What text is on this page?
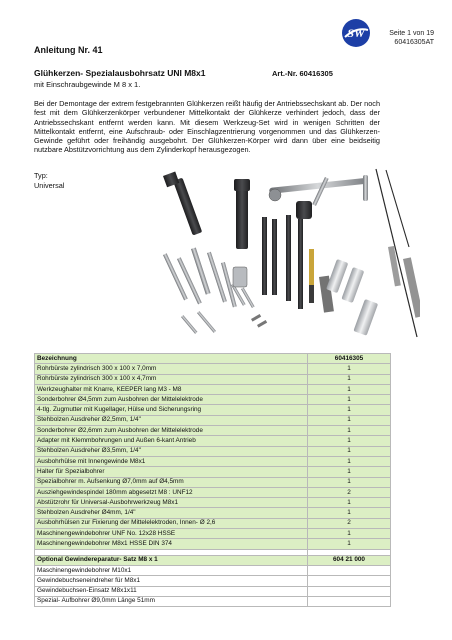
SW	Seite 1 von 19
60416305AT
Anleitung Nr. 41
Glühkerzen- Spezialausbohrsatz UNI M8x1	Art.-Nr. 60416305
mit Einschraubgewinde M 8 x 1.
Bei der Demontage der extrem festgebrannten Glühkerzen reißt häufig der Antriebssechskant ab. Der noch fest mit dem Glühkerzenkörper verbundener Mittelkontakt der Glühkerze verhindert jedoch, dass der Antriebssechskant entfernt werden kann. Mit diesem Werkzeug-Set wird in wenigen Schritten der Mittelkontakt entfernt, eine Aufschraub- oder Einschlagzentrierung vorgenommen und das Glühkerzen-Gewinde geführt oder freihändig ausgebohrt. Der Glühkerzen-Körper wird dann über eine beidseitig nutzbare Abstützvorrichtung aus dem Zylinderkopf herausgezogen.
Typ:
Universal
Bezeichnung	60416305
Rohrbürste zylindrisch 300 x 100 x 7,0mm	1
Rohrbürste zylindrisch 300 x 100 x 4,7mm	1
Werkzeughalter mit Knarre, KEEPER lang M3 - M8	1
Sonderbohrer Ø4,5mm zum Ausbohren der Mittelelektrode	1
4-tlg. Zugmutter mit Kugellager, Hülse und Sicherungsring	1
Stehbolzen Ausdreher Ø2,5mm, 1/4"	1
Sonderbohrer Ø2,6mm zum Ausbohren der Mittelelektrode	1
Adapter mit Klemmbohrungen und Außen 6-kant Antrieb	1
Stehbolzen Ausdreher Ø3,5mm, 1/4"	1
Ausbohrhülse mit Innengewinde M8x1	1
Halter für Spezialbohrer	1
Spezialbohrer m. Aufsenkung Ø7,0mm auf Ø4,5mm	1
Ausziehgewindespindel 180mm abgesetzt M8 : UNF12	2
Abstützrohr für Universal-Ausbohrwerkzeug M8x1	1
Stehbolzen Ausdreher Ø4mm, 1/4"	1
Ausbohrhülsen zur Fixierung der Mittelelektroden, Innen- Ø 2,6	2
Maschinengewindebohrer UNF No. 12x28 HSSE	1
Maschinengewindebohrer M8x1 HSSE DIN 374	1

Optional Gewindereparatur- Satz M8 x 1	604 21 000
Maschinengewindebohrer M10x1	
Gewindebuchseneindreher für M8x1	
Gewindebuchsen-Einsatz M8x1x11	
Spezial- Aufbohrer Ø9,0mm Länge 51mm	
